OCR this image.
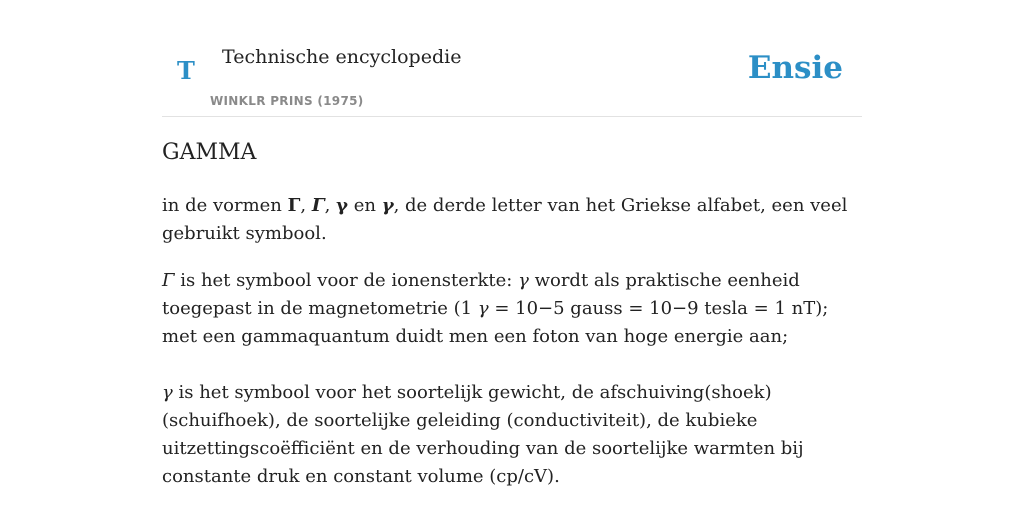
T Technische encyclopedie
WINKLR PRINS (1975)
Ensie
GAMMA

in de vormen Γ, Γ, γ en γ, de derde letter van het Griekse alfabet, een veel gebruikt symbool.

Γ is het symbool voor de ionensterkte: γ wordt als praktische eenheid toegepast in de magnetometrie (1 γ = 10−5 gauss = 10−9 tesla = 1 nT); met een gammaquantum duidt men een foton van hoge energie aan;

γ is het symbool voor het soortelijk gewicht, de afschuiving(shoek) (schuifhoek), de soortelijke geleiding (conductiviteit), de kubieke uitzettingscoëfficiënt en de verhouding van de soortelijke warmten bij constante druk en constant volume (cp/cV).
